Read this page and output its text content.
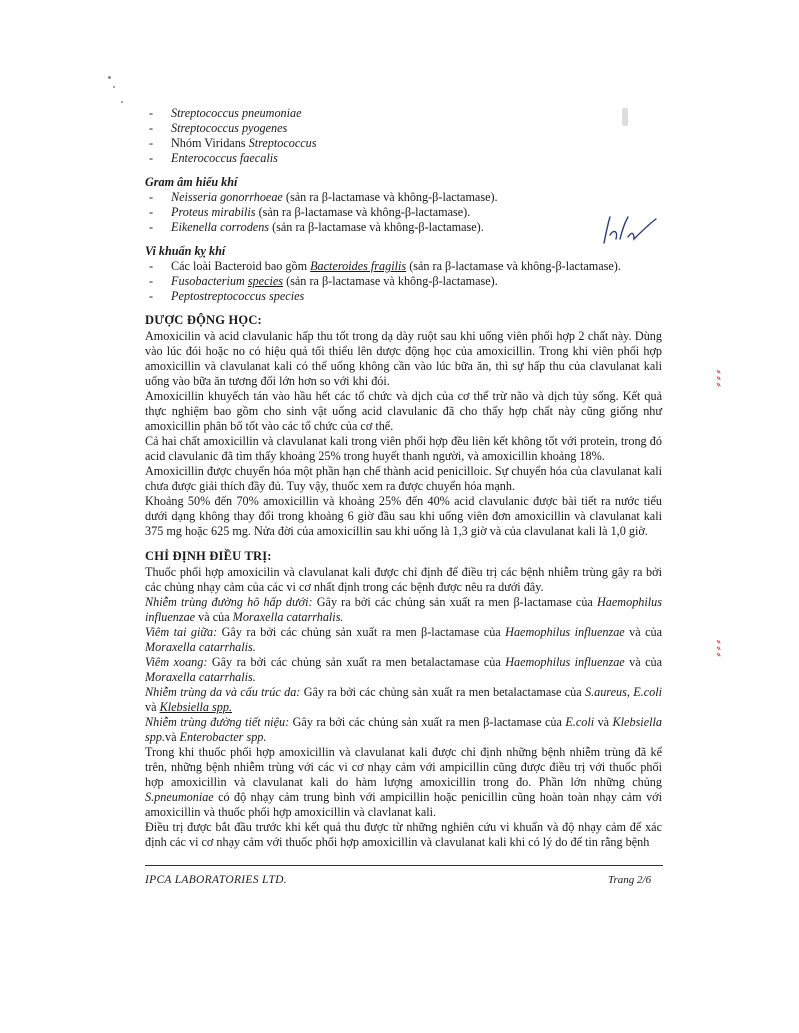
⸗ ⸗ ⸗
⸗ ⸗ ⸗
- Streptococcus pneumoniae
- Streptococcus pyogenes
- Nhóm Viridans Streptococcus
- Enterococcus faecalis
Gram âm hiếu khí
- Neisseria gonorrhoeae (sản ra β-lactamase và không-β-lactamase).
- Proteus mirabilis (sản ra β-lactamase và không-β-lactamase).
- Eikenella corrodens (sản ra β-lactamase và không-β-lactamase).
Vi khuẩn kỵ khí
- Các loài Bacteroid bao gồm Bacteroides fragilis (sản ra β-lactamase và không-β-lactamase).
- Fusobacterium species (sản ra β-lactamase và không-β-lactamase).
- Peptostreptococcus species
DƯỢC ĐỘNG HỌC:

Amoxicilin và acid clavulanic hấp thu tốt trong dạ dày ruột sau khi uống viên phối hợp 2 chất này. Dùng vào lúc đói hoặc no có hiệu quả tối thiểu lên dược động học của amoxicillin. Trong khi viên phối hợp amoxicillin và clavulanat kali có thể uống không cần vào lúc bữa ăn, thì sự hấp thu của clavulanat kali uống vào bữa ăn tương đối lớn hơn so với khi đói.

Amoxicillin khuyếch tán vào hầu hết các tổ chức và dịch của cơ thể trừ não và dịch tủy sống. Kết quả thực nghiệm bao gồm cho sinh vật uống acid clavulanic đã cho thấy hợp chất này cũng giống như amoxicillin phân bố tốt vào các tổ chức của cơ thể.

Cả hai chất amoxicillin và clavulanat kali trong viên phối hợp đều liên kết không tốt với protein, trong đó acid clavulanic đã tìm thấy khoảng 25% trong huyết thanh người, và amoxicillin khoảng 18%.

Amoxicillin được chuyển hóa một phần hạn chế thành acid penicilloic. Sự chuyển hóa của clavulanat kali chưa được giải thích đầy đủ. Tuy vậy, thuốc xem ra được chuyển hóa mạnh.

Khoảng 50% đến 70% amoxicillin và khoảng 25% đến 40% acid clavulanic được bài tiết ra nước tiểu dưới dạng không thay đổi trong khoảng 6 giờ đầu sau khi uống viên đơn amoxicillin và clavulanat kali 375 mg hoặc 625 mg. Nửa đời của amoxicillin sau khi uống là 1,3 giờ và của clavulanat kali là 1,0 giờ.

CHỈ ĐỊNH ĐIỀU TRỊ:

Thuốc phối hợp amoxicilin và clavulanat kali được chỉ định để điều trị các bệnh nhiễm trùng gây ra bởi các chủng nhạy cảm của các vi cơ nhất định trong các bệnh được nêu ra dưới đây.

Nhiễm trùng đường hô hấp dưới: Gây ra bởi các chủng sản xuất ra men β-lactamase của Haemophilus influenzae và của Moraxella catarrhalis.

Viêm tai giữa: Gây ra bởi các chủng sản xuất ra men β-lactamase của Haemophilus influenzae và của Moraxella catarrhalis.

Viêm xoang: Gây ra bởi các chủng sản xuất ra men betalactamase của Haemophilus influenzae và của Moraxella catarrhalis.

Nhiễm trùng da và cấu trúc da: Gây ra bởi các chủng sản xuất ra men betalactamase của S.aureus, E.coli và Klebsiella spp.

Nhiễm trùng đường tiết niệu: Gây ra bởi các chủng sản xuất ra men β-lactamase của E.coli và Klebsiella spp.và Enterobacter spp.

Trong khi thuốc phối hợp amoxicillin và clavulanat kali được chỉ định những bệnh nhiễm trùng đã kể trên, những bệnh nhiễm trùng với các vi cơ nhạy cảm với ampicillin cũng được điều trị với thuốc phối hợp amoxicillin và clavulanat kali do hàm lượng amoxicillin trong đo. Phần lớn những chủng S.pneumoniae có độ nhạy cảm trung bình với ampicillin hoặc penicillin cũng hoàn toàn nhạy cảm với amoxicillin và thuốc phối hợp amoxicillin và clavlanat kali.

Điều trị được bắt đầu trước khi kết quả thu được từ những nghiên cứu vi khuẩn và độ nhạy cảm để xác định các vi cơ nhạy cảm với thuốc phối hợp amoxicillin và clavulanat kali khi có lý do để tin rằng bệnh

IPCA LABORATORIES LTD.	Trang 2/6
